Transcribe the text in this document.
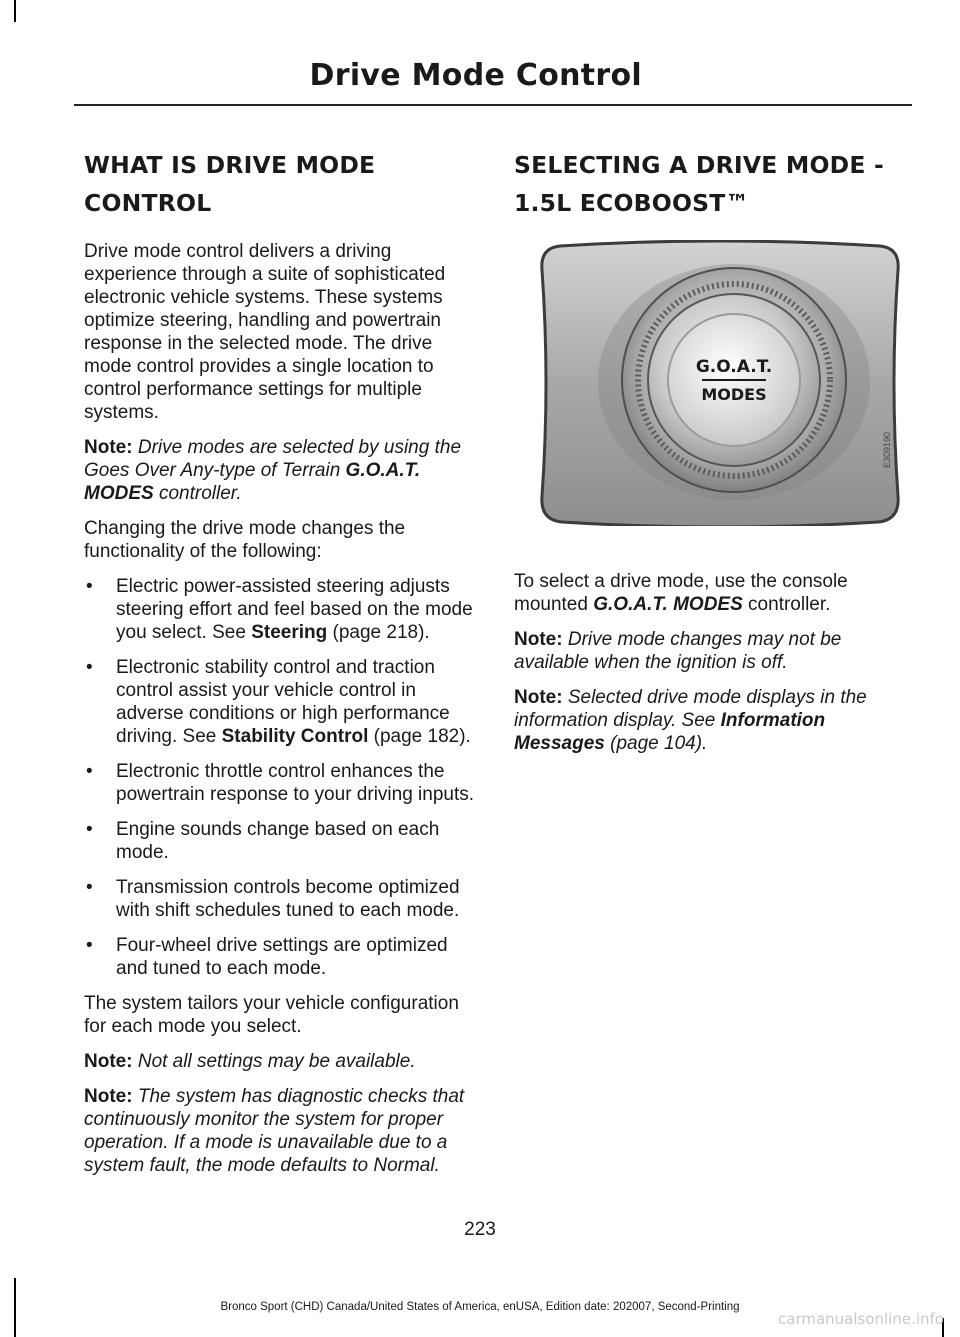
Drive Mode Control
WHAT IS DRIVE MODE CONTROL

Drive mode control delivers a driving experience through a suite of sophisticated electronic vehicle systems. These systems optimize steering, handling and powertrain response in the selected mode. The drive mode control provides a single location to control performance settings for multiple systems.

Note: Drive modes are selected by using the Goes Over Any-type of Terrain G.O.A.T. MODES controller.

Changing the drive mode changes the functionality of the following:

• Electric power-assisted steering adjusts steering effort and feel based on the mode you select. See Steering (page 218).
• Electronic stability control and traction control assist your vehicle control in adverse conditions or high performance driving. See Stability Control (page 182).
• Electronic throttle control enhances the powertrain response to your driving inputs.
• Engine sounds change based on each mode.
• Transmission controls become optimized with shift schedules tuned to each mode.
• Four-wheel drive settings are optimized and tuned to each mode.

The system tailors your vehicle configuration for each mode you select.

Note: Not all settings may be available.

Note: The system has diagnostic checks that continuously monitor the system for proper operation. If a mode is unavailable due to a system fault, the mode defaults to Normal.

SELECTING A DRIVE MODE - 1.5L ECOBOOST™
G.O.A.T.
MODES
E309190

To select a drive mode, use the console mounted G.O.A.T. MODES controller.

Note: Drive mode changes may not be available when the ignition is off.

Note: Selected drive mode displays in the information display. See Information Messages (page 104).

223
Bronco Sport (CHD) Canada/United States of America, enUSA, Edition date: 202007, Second-Printing
carmanualsonline.info
